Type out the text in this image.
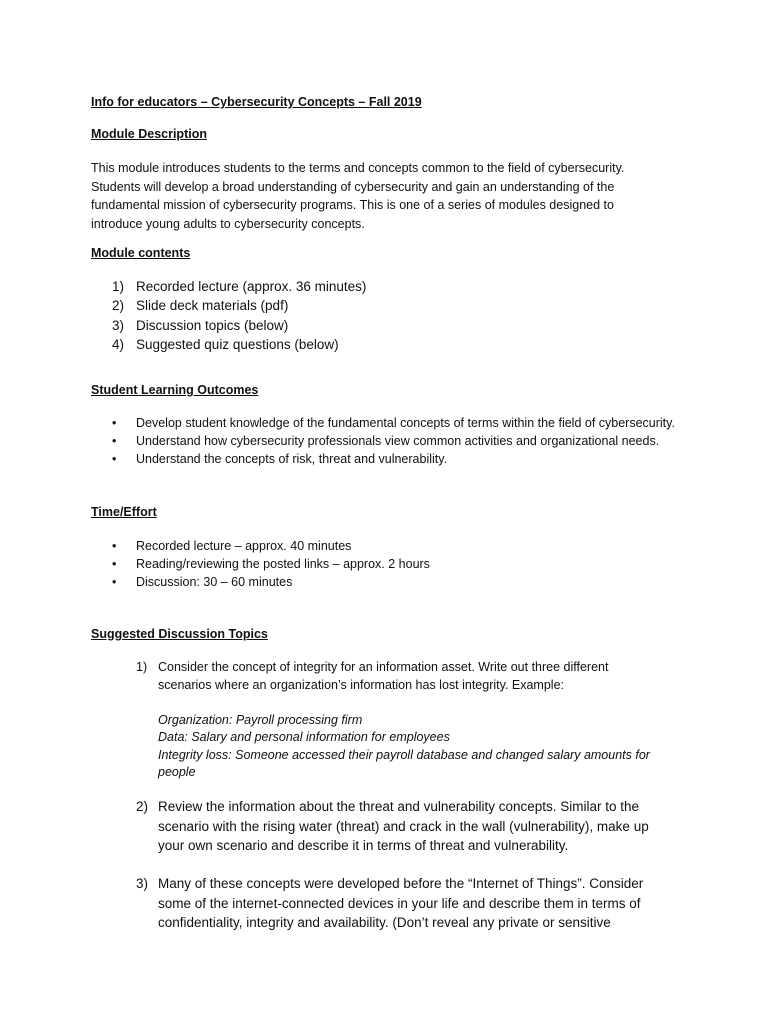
Info for educators – Cybersecurity Concepts – Fall 2019
Module Description
This module introduces students to the terms and concepts common to the field of cybersecurity.
Students will develop a broad understanding of cybersecurity and gain an understanding of the
fundamental mission of cybersecurity programs. This is one of a series of modules designed to
introduce young adults to cybersecurity concepts.
Module contents
1) Recorded lecture (approx. 36 minutes)
2) Slide deck materials (pdf)
3) Discussion topics (below)
4) Suggested quiz questions (below)
Student Learning Outcomes
•	Develop student knowledge of the fundamental concepts of terms within the field of cybersecurity.
•	Understand how cybersecurity professionals view common activities and organizational needs.
•	Understand the concepts of risk, threat and vulnerability.
Time/Effort
•	Recorded lecture – approx. 40 minutes
•	Reading/reviewing the posted links – approx. 2 hours
•	Discussion: 30 – 60 minutes
Suggested Discussion Topics
1) Consider the concept of integrity for an information asset. Write out three different
scenarios where an organization’s information has lost integrity. Example:
Organization: Payroll processing firm
Data: Salary and personal information for employees
Integrity loss: Someone accessed their payroll database and changed salary amounts for
people
2) Review the information about the threat and vulnerability concepts. Similar to the
scenario with the rising water (threat) and crack in the wall (vulnerability), make up
your own scenario and describe it in terms of threat and vulnerability.
3) Many of these concepts were developed before the “Internet of Things”. Consider
some of the internet-connected devices in your life and describe them in terms of
confidentiality, integrity and availability. (Don’t reveal any private or sensitive
